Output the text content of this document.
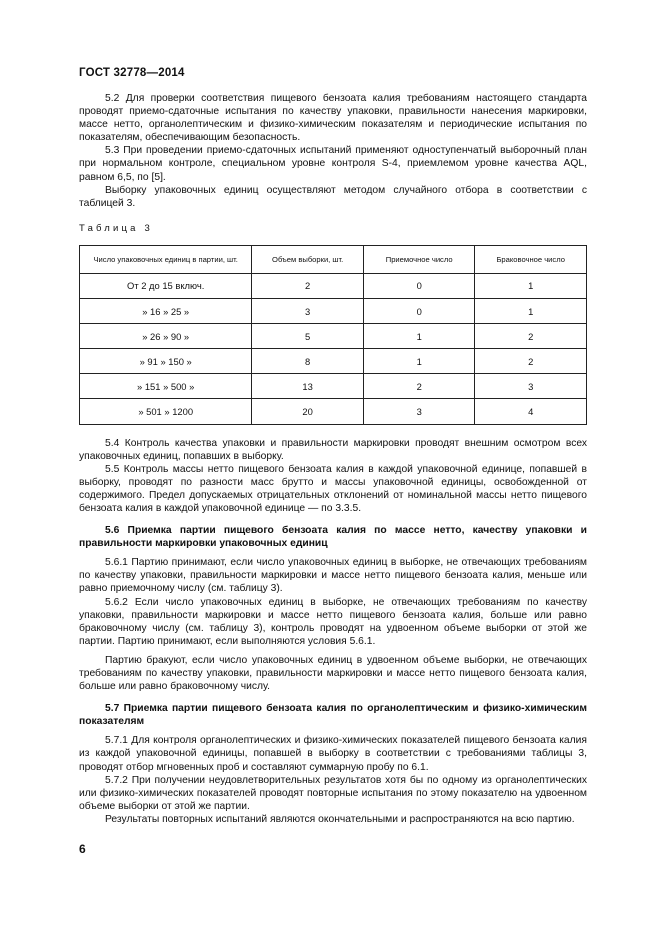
ГОСТ 32778—2014

5.2 Для проверки соответствия пищевого бензоата калия требованиям настоящего стандарта проводят приемо-сдаточные испытания по качеству упаковки, правильности нанесения маркировки, массе нетто, органолептическим и физико-химическим показателям и периодические испытания по показателям, обеспечивающим безопасность.

5.3 При проведении приемо-сдаточных испытаний применяют одноступенчатый выборочный план при нормальном контроле, специальном уровне контроля S-4, приемлемом уровне качества AQL, равном 6,5, по [5].

Выборку упаковочных единиц осуществляют методом случайного отбора в соответствии с таблицей 3.

Таблица 3
Число упаковочных единиц в партии, шт.	Объем выборки, шт.	Приемочное число	Браковочное число
От 2 до 15 включ.	2	0	1
» 16 » 25 »	3	0	1
» 26 » 90 »	5	1	2
» 91 » 150 »	8	1	2
» 151 » 500 »	13	2	3
» 501 » 1200	20	3	4

5.4 Контроль качества упаковки и правильности маркировки проводят внешним осмотром всех упаковочных единиц, попавших в выборку.

5.5 Контроль массы нетто пищевого бензоата калия в каждой упаковочной единице, попавшей в выборку, проводят по разности масс брутто и массы упаковочной единицы, освобожденной от содержимого. Предел допускаемых отрицательных отклонений от номинальной массы нетто пищевого бензоата калия в каждой упаковочной единице — по 3.3.5.

5.6 Приемка партии пищевого бензоата калия по массе нетто, качеству упаковки и правильности маркировки упаковочных единиц

5.6.1 Партию принимают, если число упаковочных единиц в выборке, не отвечающих требованиям по качеству упаковки, правильности маркировки и массе нетто пищевого бензоата калия, меньше или равно приемочному числу (см. таблицу 3).

5.6.2 Если число упаковочных единиц в выборке, не отвечающих требованиям по качеству упаковки, правильности маркировки и массе нетто пищевого бензоата калия, больше или равно браковочному числу (см. таблицу 3), контроль проводят на удвоенном объеме выборки от этой же партии. Партию принимают, если выполняются условия 5.6.1.

Партию бракуют, если число упаковочных единиц в удвоенном объеме выборки, не отвечающих требованиям по качеству упаковки, правильности маркировки и массе нетто пищевого бензоата калия, больше или равно браковочному числу.

5.7 Приемка партии пищевого бензоата калия по органолептическим и физико-химическим показателям

5.7.1 Для контроля органолептических и физико-химических показателей пищевого бензоата калия из каждой упаковочной единицы, попавшей в выборку в соответствии с требованиями таблицы 3, проводят отбор мгновенных проб и составляют суммарную пробу по 6.1.

5.7.2 При получении неудовлетворительных результатов хотя бы по одному из органолептических или физико-химических показателей проводят повторные испытания по этому показателю на удвоенном объеме выборки от этой же партии.

Результаты повторных испытаний являются окончательными и распространяются на всю партию.

6
